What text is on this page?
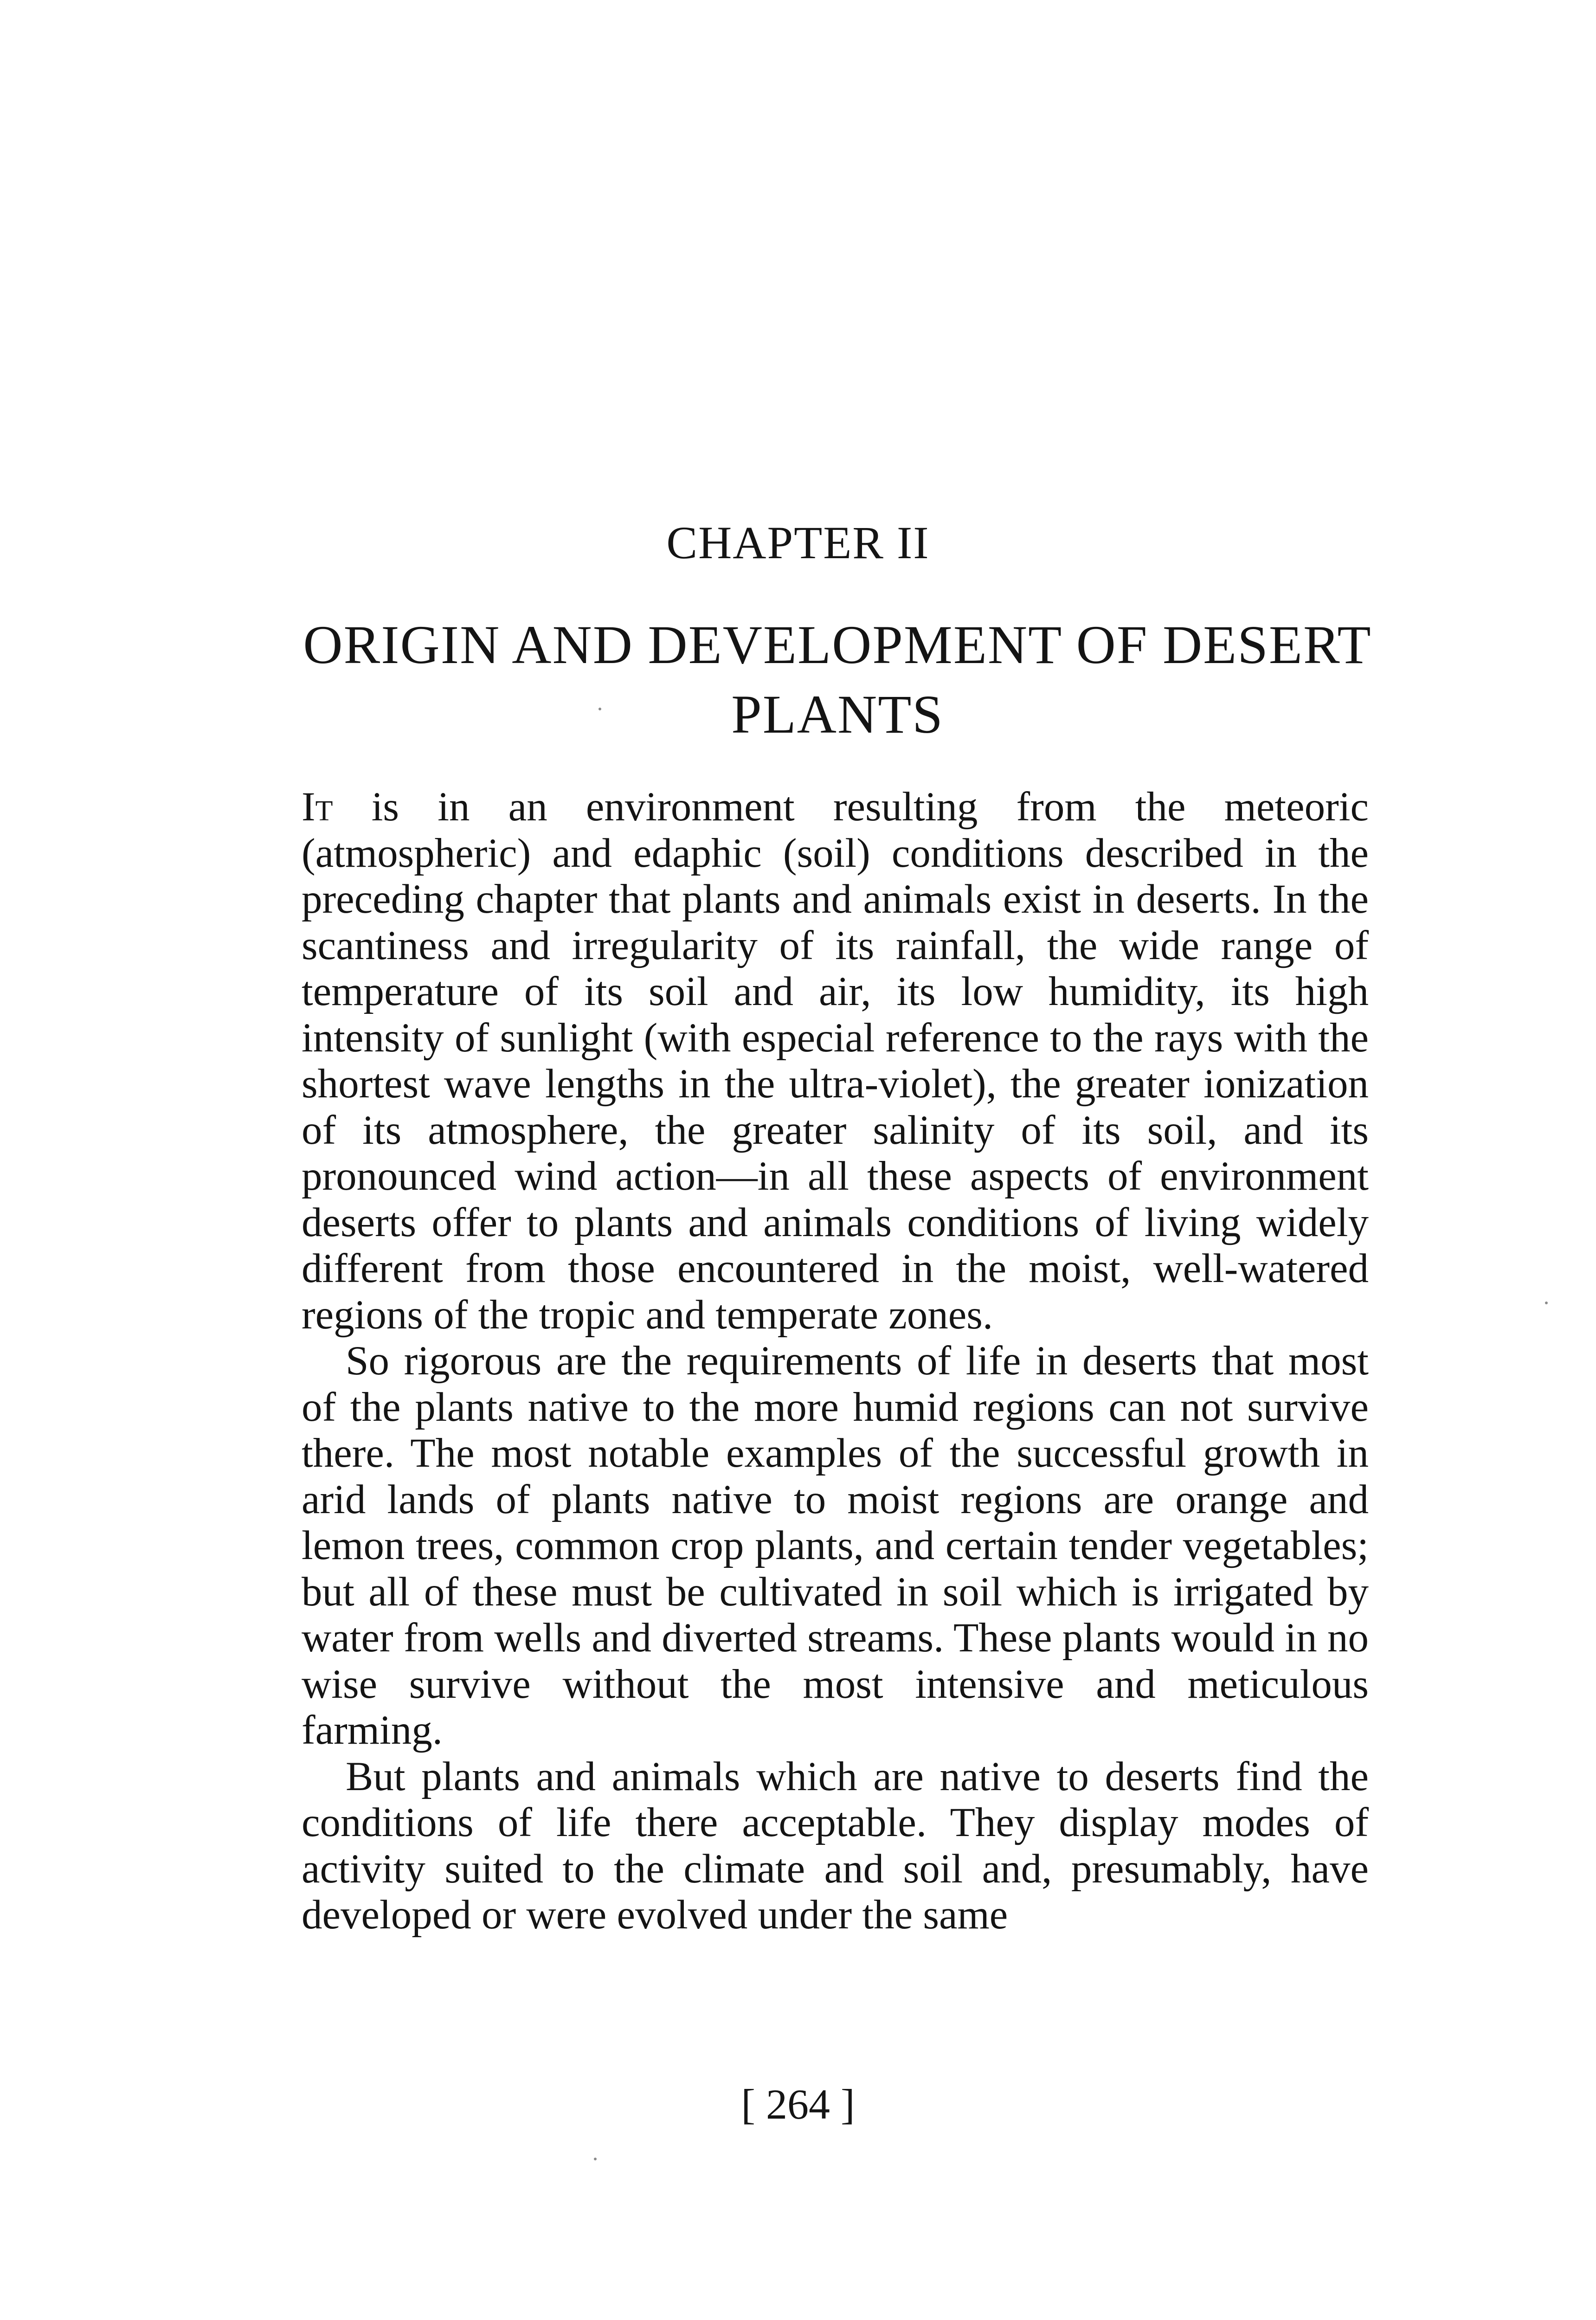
CHAPTER II
ORIGIN AND DEVELOPMENT OF DESERT
PLANTS

It is in an environment resulting from the meteoric (atmospheric) and edaphic (soil) conditions described in the preceding chapter that plants and animals exist in deserts. In the scantiness and irregularity of its rainfall, the wide range of temperature of its soil and air, its low humidity, its high intensity of sunlight (with especial reference to the rays with the shortest wave lengths in the ultra-violet), the greater ionization of its atmosphere, the greater salinity of its soil, and its pronounced wind action—in all these aspects of environment deserts offer to plants and animals conditions of living widely different from those encountered in the moist, well-watered regions of the tropic and temperate zones.

So rigorous are the requirements of life in deserts that most of the plants native to the more humid regions can not survive there. The most notable examples of the successful growth in arid lands of plants native to moist regions are orange and lemon trees, common crop plants, and certain tender vegetables; but all of these must be cultivated in soil which is irrigated by water from wells and diverted streams. These plants would in no wise survive without the most intensive and meticulous farming.

But plants and animals which are native to deserts find the conditions of life there acceptable. They display modes of activity suited to the climate and soil and, presumably, have developed or were evolved under the same

[ 264 ]
